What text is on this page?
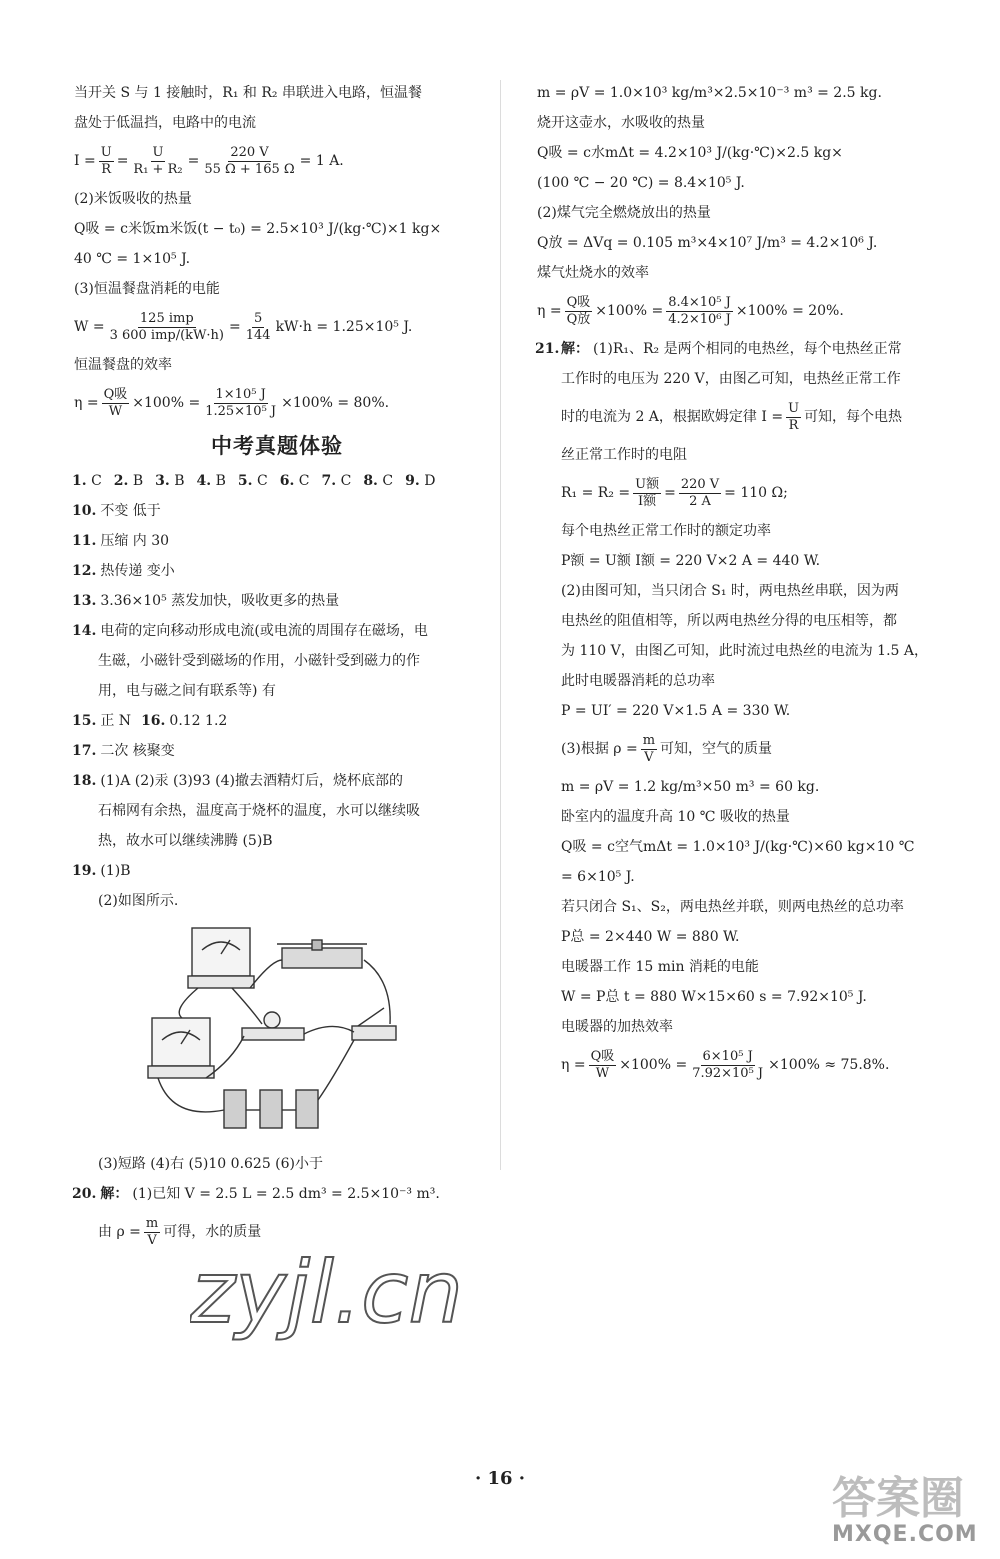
当开关 S 与 1 接触时，R₁ 和 R₂ 串联进入电路，恒温餐
盘处于低温挡，电路中的电流
$I = \frac{U}{R} = \frac{U}{\text{R₁ + R₂}} = \frac{220 V}{55 \Omega + 165 \Omega} = 1$ A.
(2)米饭吸收的热量
Q吸 = c米饭m米饭(t − t₀) = 2.5×10³ J/(kg·℃)×1 kg×
40 ℃ = 1×10⁵ J.
(3)恒温餐盘消耗的电能
W =
125 imp
3 600 $imp/(kW\cdot h) = \frac{5}{144} kW\cdot h = 1.25\times 10^5$ J.
恒温餐盘的效率
η =
Q吸
$W \times 100\% = \frac{\text{1×10⁵ J}}{\text{1.25×10⁵ J}} \times 100\% = 80\%$.
中考真题体验
1. C 2. B 3. B 4. B 5. C 6. C 7. C 8. C 9. D
10. 不变 低于
11. 压缩 内 30
12. 热传递 变小
13. 3.36×10⁵ 蒸发加快，吸收更多的热量
14. 电荷的定向移动形成电流(或电流的周围存在磁场，电
生磁，小磁针受到磁场的作用，小磁针受到磁力的作
用，电与磁之间有联系等) 有
15. 正 N 16. 0.12 1.2
17. 二次 核聚变
18. (1)A (2)汞 (3)93 (4)撤去酒精灯后，烧杯底部的
石棉网有余热，温度高于烧杯的温度，水可以继续吸
热，故水可以继续沸腾 (5)B
19. (1)B
(2)如图所示.
(3)短路 (4)右 (5)10 0.625 (6)小于
20. 解： (1)已知 V = 2.5 L = 2.5 dm³ = 2.5×10⁻³ m³.
由 $\rho = \frac{m}{V}$ 可得，水的质量
m = ρV = 1.0×10³ kg/m³×2.5×10⁻³ m³ = 2.5 kg.
烧开这壶水，水吸收的热量
Q吸 = c水mΔt = 4.2×10³ J/(kg·℃)×2.5 kg×
(100 ℃ − 20 ℃) = 8.4×10⁵ J.
(2)煤气完全燃烧放出的热量
Q放 = ΔVq = 0.105 m³×4×10⁷ J/m³ = 4.2×10⁶ J.
煤气灶烧水的效率
η =
Q吸
Q放 $\times 100\% = \frac{\text{8.4×10⁵ J}}{\text{4.2×10⁶ J}} \times 100\% = 20\%$.
21. 解： (1)R₁、R₂ 是两个相同的电热丝，每个电热丝正常
工作时的电压为 220 V，由图乙可知，电热丝正常工作
时的电流为 2 A，根据欧姆定律 $I = \frac{U}{R}$ 可知，每个电热
丝正常工作时的电阻
R₁ = R₂ =
U额
I额 = $\frac{220 V}{2 A} = 110$ Ω;
每个电热丝正常工作时的额定功率
P额 = U额 I额 = 220 V×2 A = 440 W.
(2)由图可知，当只闭合 S₁ 时，两电热丝串联，因为两
电热丝的阻值相等，所以两电热丝分得的电压相等，都
为 110 V，由图乙可知，此时流过电热丝的电流为 1.5 A，
此时电暖器消耗的总功率
P = UI′ = 220 V×1.5 A = 330 W.
(3)根据 $\rho = \frac{m}{V}$ 可知，空气的质量
m = ρV = 1.2 kg/m³×50 m³ = 60 kg.
卧室内的温度升高 10 ℃ 吸收的热量
Q吸 = c空气mΔt = 1.0×10³ J/(kg·℃)×60 kg×10 ℃
= 6×10⁵ J.
若只闭合 S₁、S₂，两电热丝并联，则两电热丝的总功率
P总 = 2×440 W = 880 W.
电暖器工作 15 min 消耗的电能
W = P总 t = 880 W×15×60 s = 7.92×10⁵ J.
电暖器的加热效率
η =
Q吸
$W \times 100\% = \frac{\text{6×10⁵ J}}{\text{7.92×10⁵ J}} \times 100\% \approx 75.8\%$.
zyjl.cn
· 16 ·	答案圈
MXQE.COM
